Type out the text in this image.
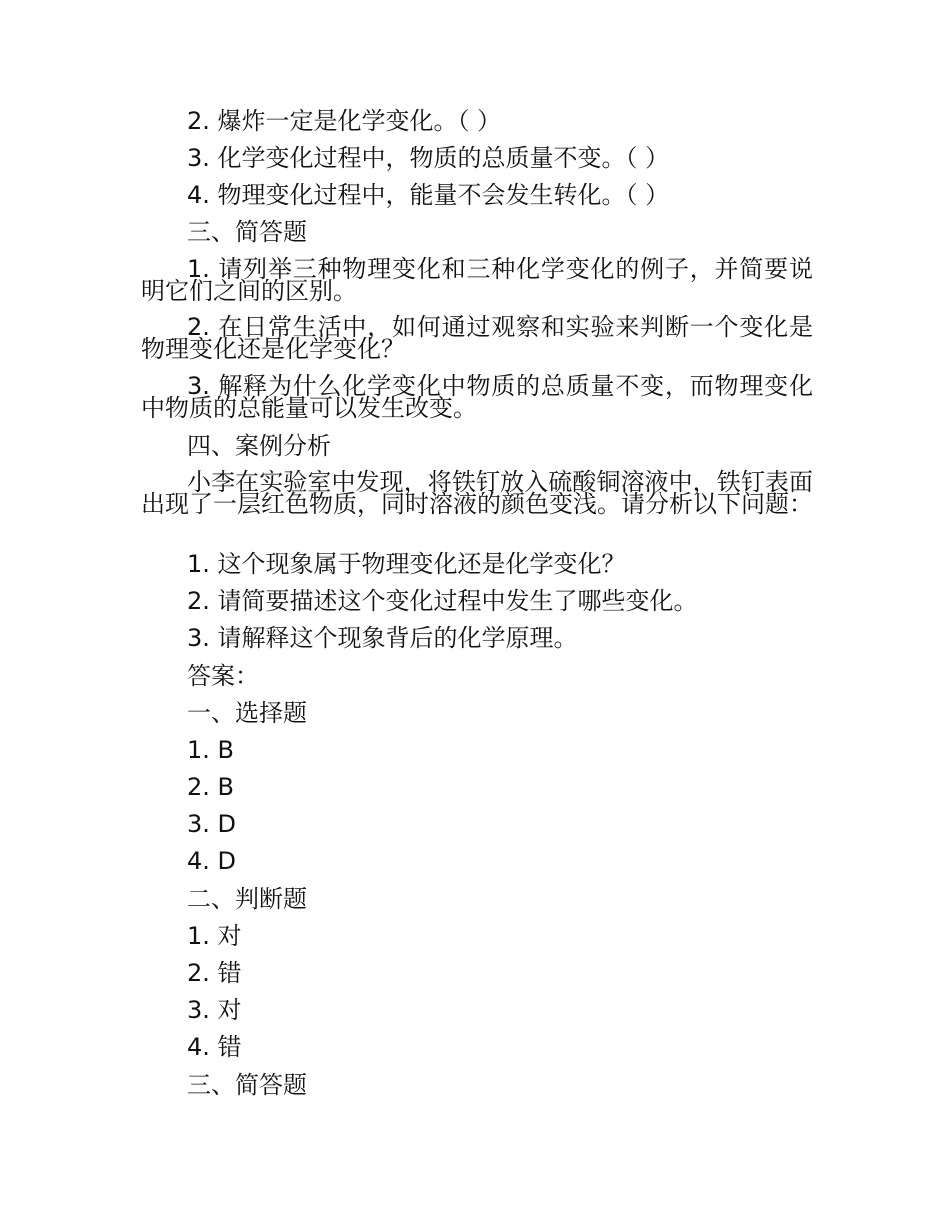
2. 爆炸一定是化学变化。（ ）
3. 化学变化过程中，物质的总质量不变。（ ）
4. 物理变化过程中，能量不会发生转化。（ ）
三、简答题
1. 请列举三种物理变化和三种化学变化的例子，并简要说明它们之间的区别。
2. 在日常生活中，如何通过观察和实验来判断一个变化是物理变化还是化学变化？
3. 解释为什么化学变化中物质的总质量不变，而物理变化中物质的总能量可以发生改变。
四、案例分析
小李在实验室中发现，将铁钉放入硫酸铜溶液中，铁钉表面出现了一层红色物质，同时溶液的颜色变浅。请分析以下问题：
1. 这个现象属于物理变化还是化学变化？
2. 请简要描述这个变化过程中发生了哪些变化。
3. 请解释这个现象背后的化学原理。
答案：
一、选择题
1. B
2. B
3. D
4. D
二、判断题
1. 对
2. 错
3. 对
4. 错
三、简答题
